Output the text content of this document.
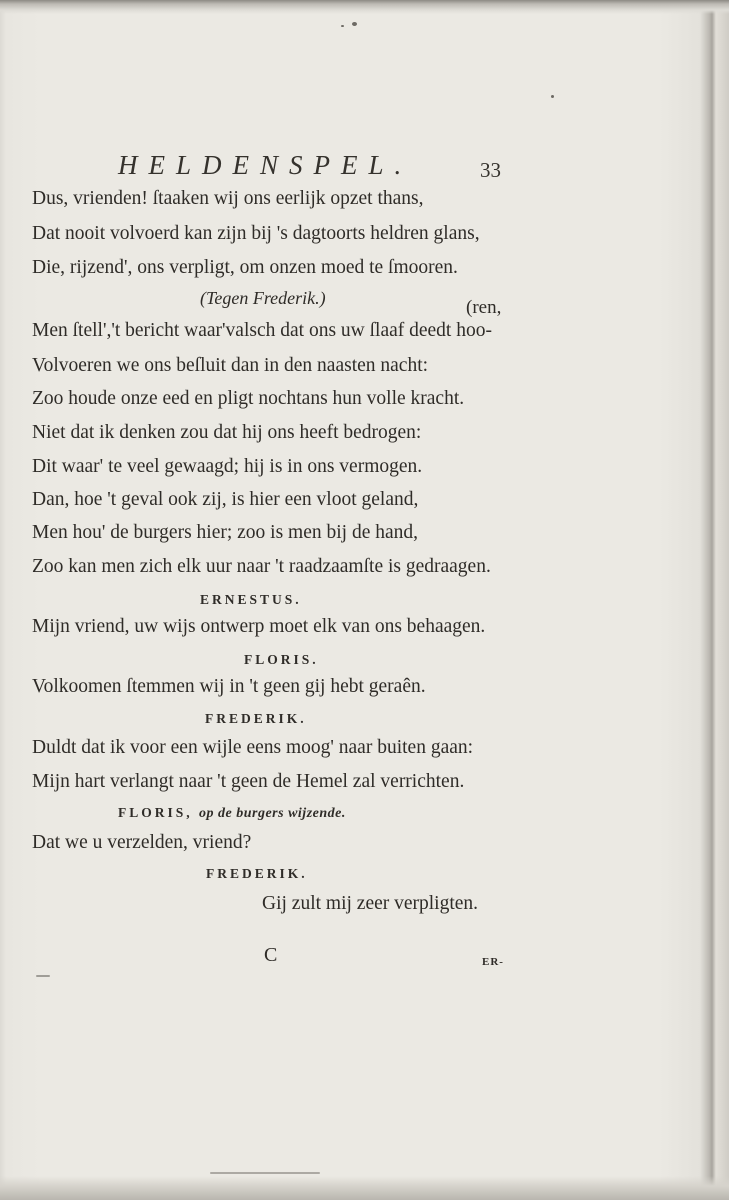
HELDENSPEL.	33
Dus, vrienden! ſtaaken wij ons eerlijk opzet thans,
Dat nooit volvoerd kan zijn bij 's dagtoorts heldren glans,
Die, rijzend', ons verpligt, om onzen moed te ſmooren.
(Tegen Frederik.)	(ren,
Men ſtell','t bericht waar'valsch dat ons uw ſlaaf deedt hoo-
Volvoeren we ons beſluit dan in den naasten nacht:
Zoo houde onze eed en pligt nochtans hun volle kracht.
Niet dat ik denken zou dat hij ons heeft bedrogen:
Dit waar' te veel gewaagd; hij is in ons vermogen.
Dan, hoe 't geval ook zij, is hier een vloot geland,
Men hou' de burgers hier; zoo is men bij de hand,
Zoo kan men zich elk uur naar 't raadzaamſte is gedraagen.
ERNESTUS.
Mijn vriend, uw wijs ontwerp moet elk van ons behaagen.
FLORIS.
Volkoomen ſtemmen wij in 't geen gij hebt geraên.
FREDERIK.
Duldt dat ik voor een wijle eens moog' naar buiten gaan:
Mijn hart verlangt naar 't geen de Hemel zal verrichten.
FLORIS, op de burgers wijzende.
Dat we u verzelden, vriend?
FREDERIK.
Gij zult mij zeer verpligten.
C	ER-
